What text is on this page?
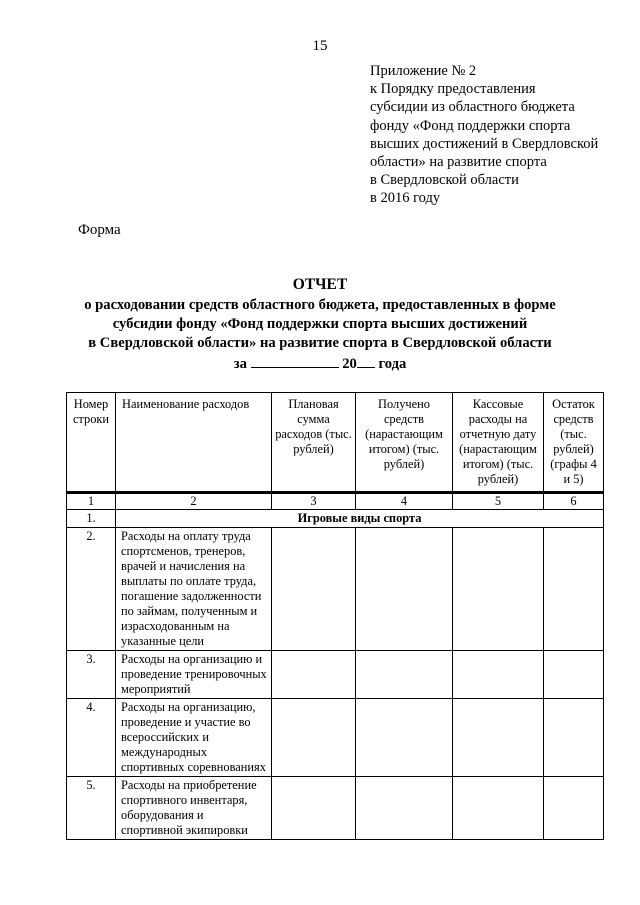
15
Приложение № 2
к Порядку предоставления
субсидии из областного бюджета
фонду «Фонд поддержки спорта
высших достижений в Свердловской
области» на развитие спорта
в Свердловской области
в 2016 году
Форма
ОТЧЕТ
о расходовании средств областного бюджета, предоставленных в форме
субсидии фонду «Фонд поддержки спорта высших достижений
в Свердловской области» на развитие спорта в Свердловской области
за	20 года
Номер строки	Наименование расходов	Плановая сумма расходов (тыс. рублей)	Получено средств (нарастающим итогом) (тыс. рублей)	Кассовые расходы на отчетную дату (нарастающим итогом) (тыс. рублей)	Остаток средств (тыс. рублей) (графы 4 и 5)

1	2	3	4	5	6
1.	Игровые виды спорта				
2.	Расходы на оплату труда спортсменов, тренеров, врачей и начисления на выплаты по оплате труда, погашение задолженности по займам, полученным и израсходованным на указанные цели				
3.	Расходы на организацию и проведение тренировочных мероприятий				
4.	Расходы на организацию, проведение и участие во всероссийских и международных спортивных соревнованиях				
5.	Расходы на приобретение спортивного инвентаря, оборудования и спортивной экипировки				
